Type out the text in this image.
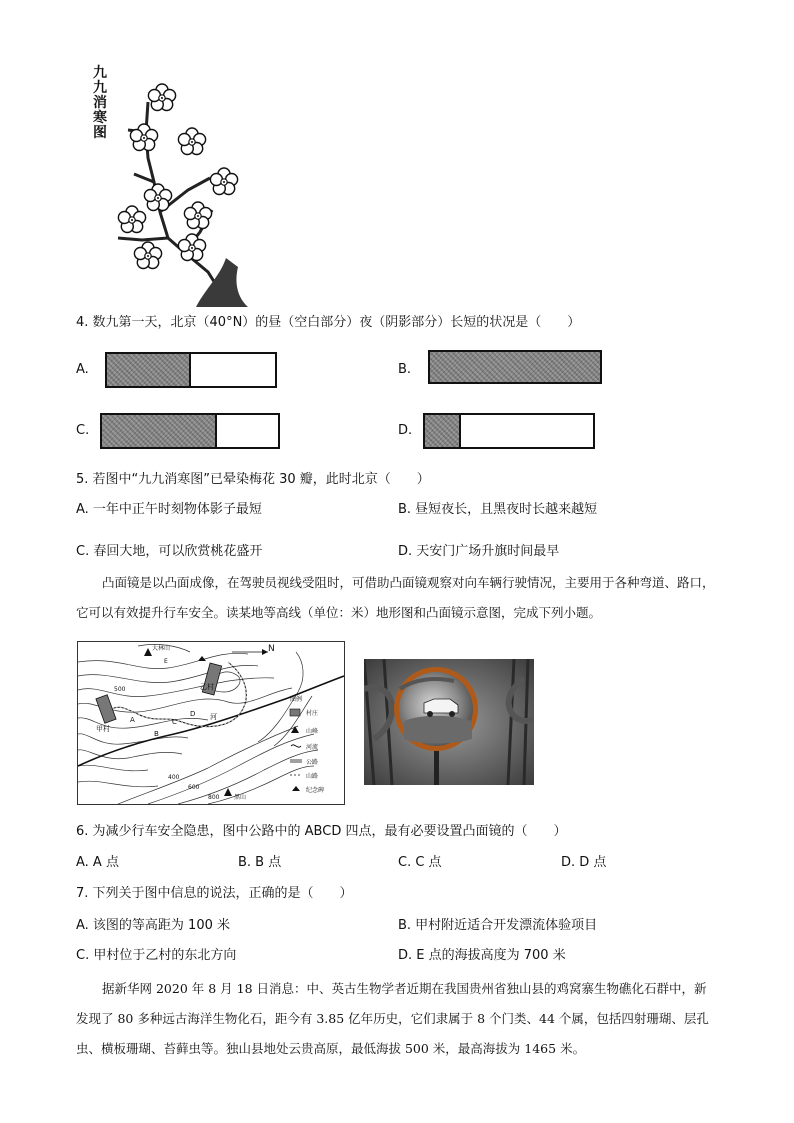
九
九
消
寒
图
4. 数九第一天，北京（40°N）的昼（空白部分）夜（阴影部分）长短的状况是（　　）
A.	B.
C.	D.
5. 若图中“九九消寒图”已晕染梅花 30 瓣，此时北京（　　）
A. 一年中正午时刻物体影子最短	B. 昼短夜长，且黑夜时长越来越短
C. 春回大地，可以欣赏桃花盛开	D. 天安门广场升旗时间最早
凸面镜是以凸面成像，在驾驶员视线受阻时，可借助凸面镜观察对向车辆行驶情况，主要用于各种弯道、路口，它可以有效提升行车安全。读某地等高线（单位：米）地形图和凸面镜示意图，完成下列小题。
N
大林山
黑山
甲村
乙村
河
A
B
C
D
E
500
400
600
800
图例
村庄
山峰
河流
公路
山路
纪念碑
6. 为减少行车安全隐患，图中公路中的 ABCD 四点，最有必要设置凸面镜的（　　）
A. A 点	B. B 点	C. C 点	D. D 点
7. 下列关于图中信息的说法，正确的是（　　）
A. 该图的等高距为 100 米	B. 甲村附近适合开发漂流体验项目
C. 甲村位于乙村的东北方向	D. E 点的海拔高度为 700 米
据新华网 2020 年 8 月 18 日消息：中、英古生物学者近期在我国贵州省独山县的鸡窝寨生物礁化石群中，新发现了 80 多种远古海洋生物化石，距今有 3.85 亿年历史，它们隶属于 8 个门类、44 个属，包括四射珊瑚、层孔虫、横板珊瑚、苔藓虫等。独山县地处云贵高原，最低海拔 500 米，最高海拔为 1465 米。
